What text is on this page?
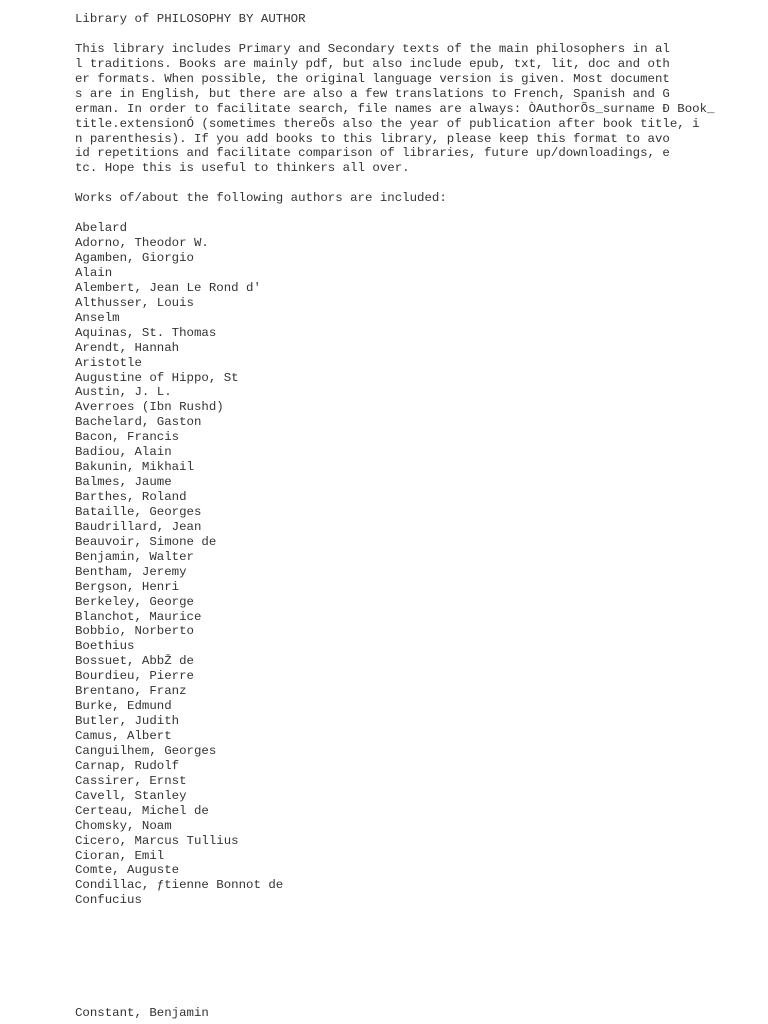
Library of PHILOSOPHY BY AUTHOR
This library includes Primary and Secondary texts of the main philosophers in al
l traditions. Books are mainly pdf, but also include epub, txt, lit, doc and oth
er formats. When possible, the original language version is given. Most document
s are in English, but there are also a few translations to French, Spanish and G
erman. In order to facilitate search, file names are always: ÒAuthorÕs_surname Ð Book_
title.extensionÓ (sometimes thereÕs also the year of publication after book title, i
n parenthesis). If you add books to this library, please keep this format to avo
id repetitions and facilitate comparison of libraries, future up/downloadings, e
tc. Hope this is useful to thinkers all over.
Works of/about the following authors are included:
Abelard
Adorno, Theodor W.
Agamben, Giorgio
Alain
Alembert, Jean Le Rond d'
Althusser, Louis
Anselm
Aquinas, St. Thomas
Arendt, Hannah
Aristotle
Augustine of Hippo, St
Austin, J. L.
Averroes (Ibn Rushd)
Bachelard, Gaston
Bacon, Francis
Badiou, Alain
Bakunin, Mikhail
Balmes, Jaume
Barthes, Roland
Bataille, Georges
Baudrillard, Jean
Beauvoir, Simone de
Benjamin, Walter
Bentham, Jeremy
Bergson, Henri
Berkeley, George
Blanchot, Maurice
Bobbio, Norberto
Boethius
Bossuet, AbbŽ de
Bourdieu, Pierre
Brentano, Franz
Burke, Edmund
Butler, Judith
Camus, Albert
Canguilhem, Georges
Carnap, Rudolf
Cassirer, Ernst
Cavell, Stanley
Certeau, Michel de
Chomsky, Noam
Cicero, Marcus Tullius
Cioran, Emil
Comte, Auguste
Condillac, ƒtienne Bonnot de
Confucius
Constant, Benjamin
